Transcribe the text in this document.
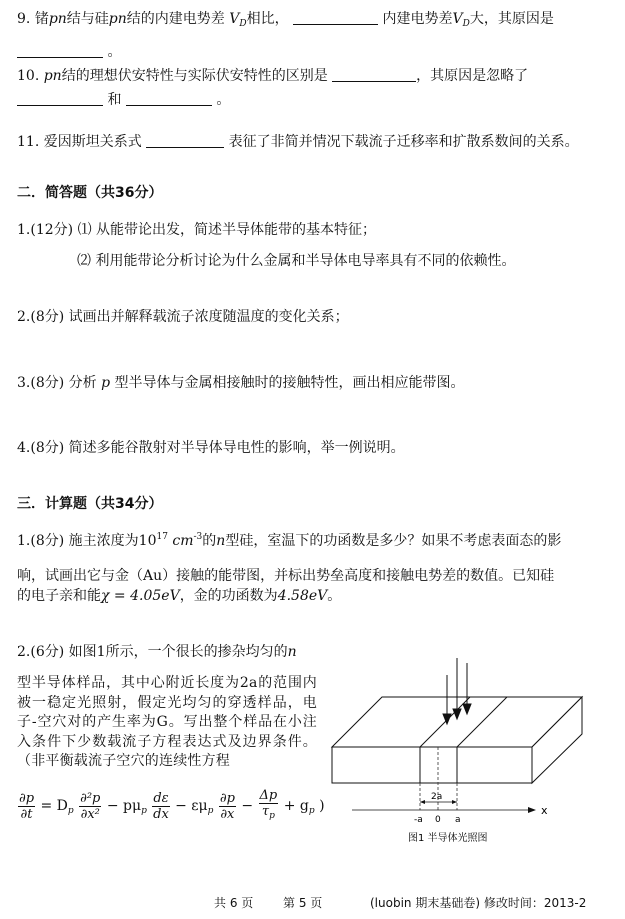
9. 锗pn结与硅pn结的内建电势差 $V_D$相比，	内建电势差$V_D$大，其原因是
。
10. pn结的理想伏安特性与实际伏安特性的区别是	，其原因是忽略了
和	。
11. 爱因斯坦关系式	表征了非简并情况下载流子迁移率和扩散系数间的关系。
二．简答题（共36分）
1.(12分) ⑴ 从能带论出发，简述半导体能带的基本特征；
⑵ 利用能带论分析讨论为什么金属和半导体电导率具有不同的依赖性。
2.(8分) 试画出并解释载流子浓度随温度的变化关系；
3.(8分) 分析 p 型半导体与金属相接触时的接触特性，画出相应能带图。
4.(8分) 简述多能谷散射对半导体导电性的影响，举一例说明。
三．计算题（共34分）
1.(8分) 施主浓度为$10^{17}$ $cm^{-3}$的n型硅，室温下的功函数是多少？如果不考虑表面态的影
响，试画出它与金（Au）接触的能带图，并标出势垒高度和接触电势差的数值。已知硅
的电子亲和能χ = 4.05eV，金的功函数为4.58eV。
2.(6分) 如图1所示，一个很长的掺杂均匀的n
型半导体样品，其中心附近长度为2a的范围内被一稳定光照射，假定光均匀的穿透样品，电子-空穴对的产生率为G。写出整个样品在小注入条件下少数载流子方程表达式及边界条件。（非平衡载流子空穴的连续性方程
$\frac{\partial p}{\partial t} = D_p \frac{\text{∂²p}}{\text{∂x²}} - p\mu_p \frac{d\varepsilon}{dx} - \varepsilon\mu_p \frac{\partial p}{\partial x} - \frac{\Delta p}{\tau_p} + g_p$ )
2a
x
-a 0 a
图1 半导体光照图
共 6 页 第 5 页	(luobin 期末基础卷) 修改时间：2013-2
